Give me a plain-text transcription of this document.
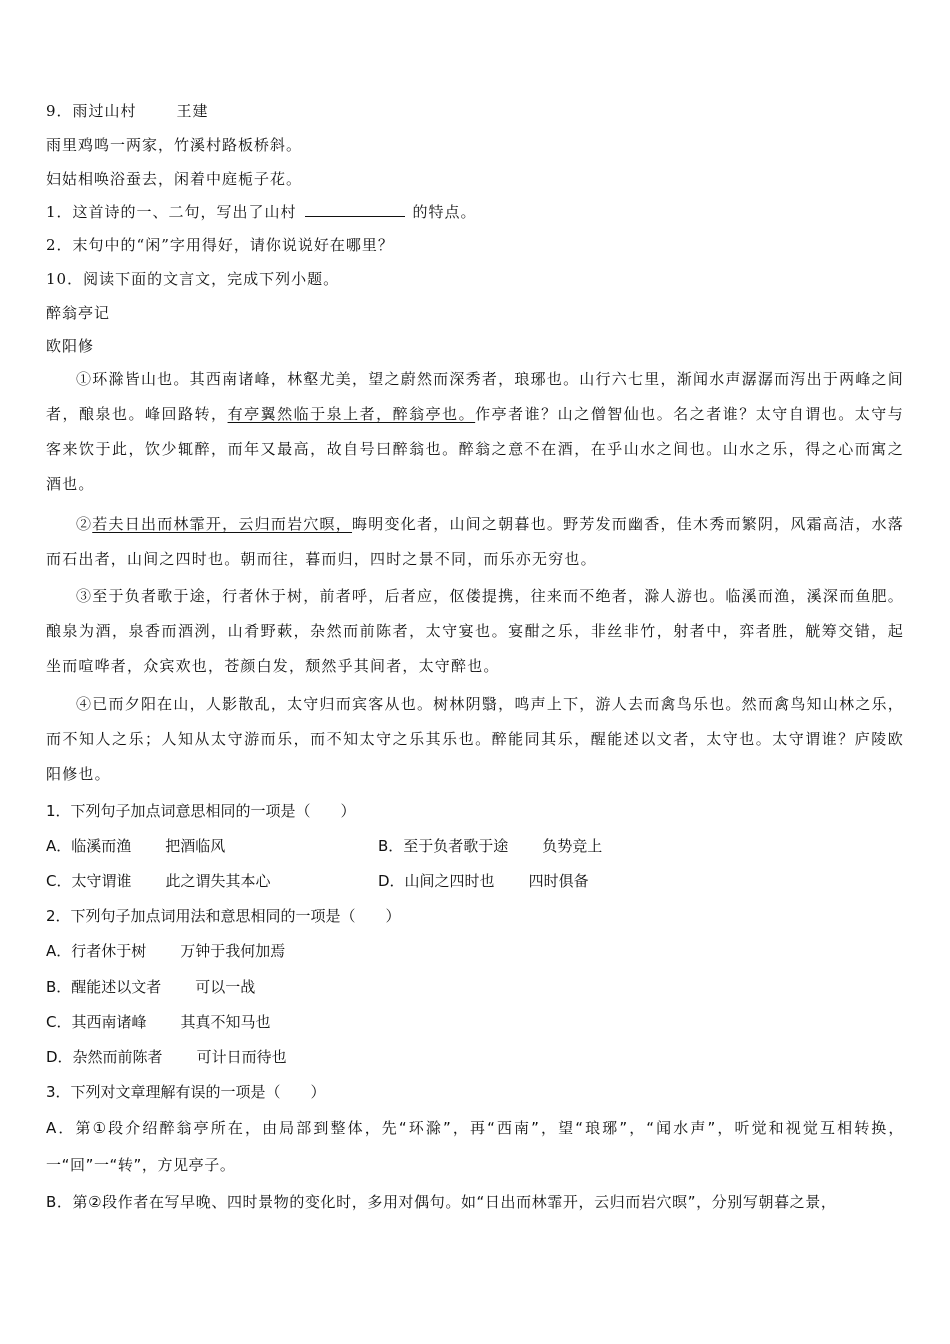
9．雨过山村	王建
雨里鸡鸣一两家，竹溪村路板桥斜。
妇姑相唤浴蚕去，闲着中庭栀子花。
1．这首诗的一、二句，写出了山村	的特点。
2．末句中的“闲”字用得好，请你说说好在哪里？
10．阅读下面的文言文，完成下列小题。
醉翁亭记
欧阳修
①环滁皆山也。其西南诸峰，林壑尤美，望之蔚然而深秀者，琅琊也。山行六七里，渐闻水声潺潺而泻出于两峰之间者，酿泉也。峰回路转，有亭翼然临于泉上者，醉翁亭也。作亭者谁？山之僧智仙也。名之者谁？太守自谓也。太守与客来饮于此，饮少辄醉，而年又最高，故自号曰醉翁也。醉翁之意不在酒，在乎山水之间也。山水之乐，得之心而寓之酒也。
②若夫日出而林霏开，云归而岩穴暝，晦明变化者，山间之朝暮也。野芳发而幽香，佳木秀而繁阴，风霜高洁，水落而石出者，山间之四时也。朝而往，暮而归，四时之景不同，而乐亦无穷也。
③至于负者歌于途，行者休于树，前者呼，后者应，伛偻提携，往来而不绝者，滁人游也。临溪而渔，溪深而鱼肥。酿泉为酒，泉香而酒洌，山肴野蔌，杂然而前陈者，太守宴也。宴酣之乐，非丝非竹，射者中，弈者胜，觥筹交错，起坐而喧哗者，众宾欢也，苍颜白发，颓然乎其间者，太守醉也。
④已而夕阳在山，人影散乱，太守归而宾客从也。树林阴翳，鸣声上下，游人去而禽鸟乐也。然而禽鸟知山林之乐，而不知人之乐；人知从太守游而乐，而不知太守之乐其乐也。醉能同其乐，醒能述以文者，太守也。太守谓谁？庐陵欧阳修也。
1．下列句子加点词意思相同的一项是（　　）
A．临溪而渔 把酒临风	B．至于负者歌于途 负势竞上
C．太守谓谁 此之谓失其本心	D．山间之四时也 四时俱备
2．下列句子加点词用法和意思相同的一项是（　　）
A．行者休于树 万钟于我何加焉
B．醒能述以文者 可以一战
C．其西南诸峰 其真不知马也
D．杂然而前陈者 可计日而待也
3．下列对文章理解有误的一项是（　　）
A．第①段介绍醉翁亭所在，由局部到整体，先“环滁”，再“西南”，望“琅琊”，“闻水声”，听觉和视觉互相转换，一“回”一“转”，方见亭子。
B．第②段作者在写早晚、四时景物的变化时，多用对偶句。如“日出而林霏开，云归而岩穴暝”，分别写朝暮之景，
